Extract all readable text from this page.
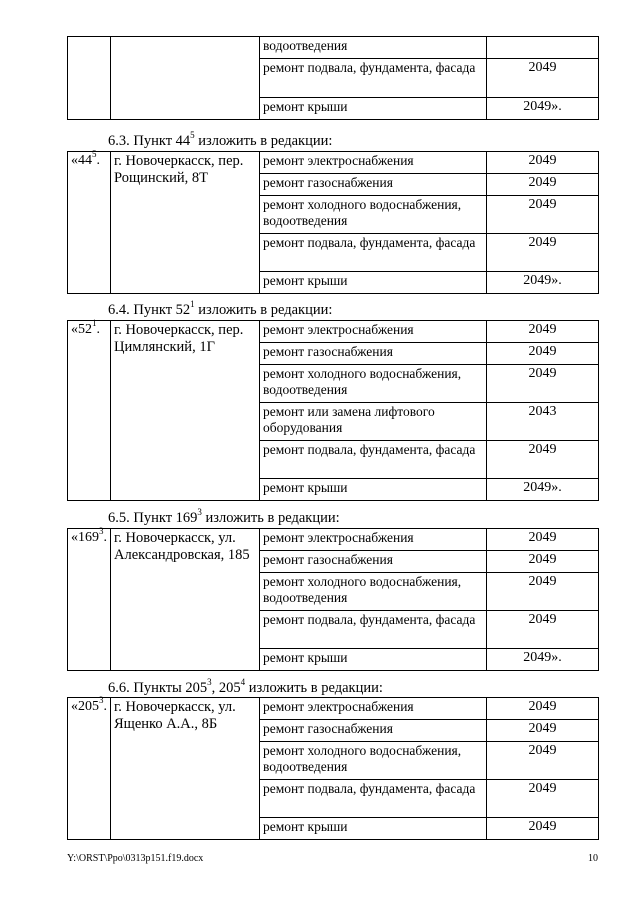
		водоотведения	
		ремонт подвала, фундамента, фасада	2049
		ремонт крыши	2049».
6.3. Пункт $44^5$ изложить в редакции:
«$44^5$.	г. Новочеркасск, пер. Рощинский, 8Т	ремонт электроснабжения	2049
		ремонт газоснабжения	2049
		ремонт холодного водоснабжения, водоотведения	2049
		ремонт подвала, фундамента, фасада	2049
		ремонт крыши	2049».
6.4. Пункт $52^1$ изложить в редакции:
«$52^1$.	г. Новочеркасск, пер. Цимлянский, 1Г	ремонт электроснабжения	2049
		ремонт газоснабжения	2049
		ремонт холодного водоснабжения, водоотведения	2049
		ремонт или замена лифтового оборудования	2043
		ремонт подвала, фундамента, фасада	2049
		ремонт крыши	2049».
6.5. Пункт $169^3$ изложить в редакции:
«$169^3$.	г. Новочеркасск, ул. Александровская, 185	ремонт электроснабжения	2049
		ремонт газоснабжения	2049
		ремонт холодного водоснабжения, водоотведения	2049
		ремонт подвала, фундамента, фасада	2049
		ремонт крыши	2049».
6.6. Пункты $205^3$, $205^4$ изложить в редакции:
«$205^3$.	г. Новочеркасск, ул. Ященко А.А., 8Б	ремонт электроснабжения	2049
		ремонт газоснабжения	2049
		ремонт холодного водоснабжения, водоотведения	2049
		ремонт подвала, фундамента, фасада	2049
		ремонт крыши	2049
Y:\ORST\Ppo\0313p151.f19.docx	10
